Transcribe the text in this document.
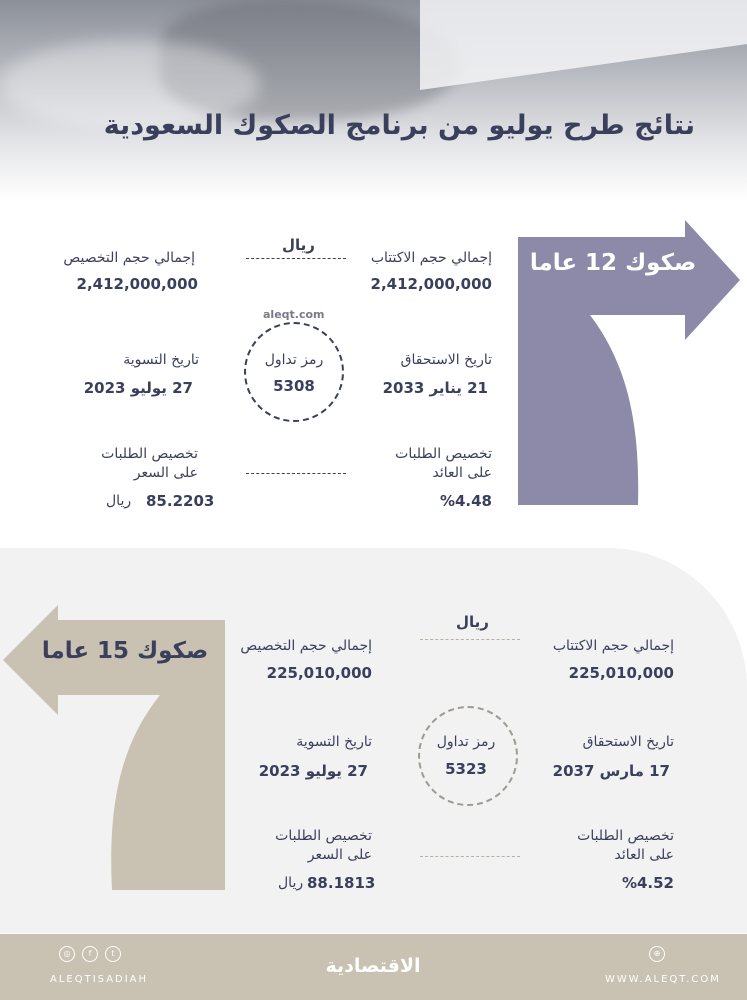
نتائج طرح يوليو من برنامج الصكوك السعودية
صكوك 12 عاما
ريال
إجمالي حجم الاكتتاب
2,412,000,000
إجمالي حجم التخصيص
2,412,000,000
aleqt.com
رمز تداول
5308
تاريخ الاستحقاق
21 يناير 2033
تاريخ التسوية
27 يوليو 2023
تخصيص الطلبات
على العائد
%4.48
تخصيص الطلبات
على السعر
85.2203
ريال
صكوك 15 عاما
ريال
إجمالي حجم الاكتتاب
225,010,000
إجمالي حجم التخصيص
225,010,000
رمز تداول
5323
تاريخ الاستحقاق
17 مارس 2037
تاريخ التسوية
27 يوليو 2023
تخصيص الطلبات
على العائد
%4.52
تخصيص الطلبات
على السعر
88.1813
ريال
◎	f	t
ALEQTISADIAH
الاقتصادية
⊕
WWW.ALEQT.COM
